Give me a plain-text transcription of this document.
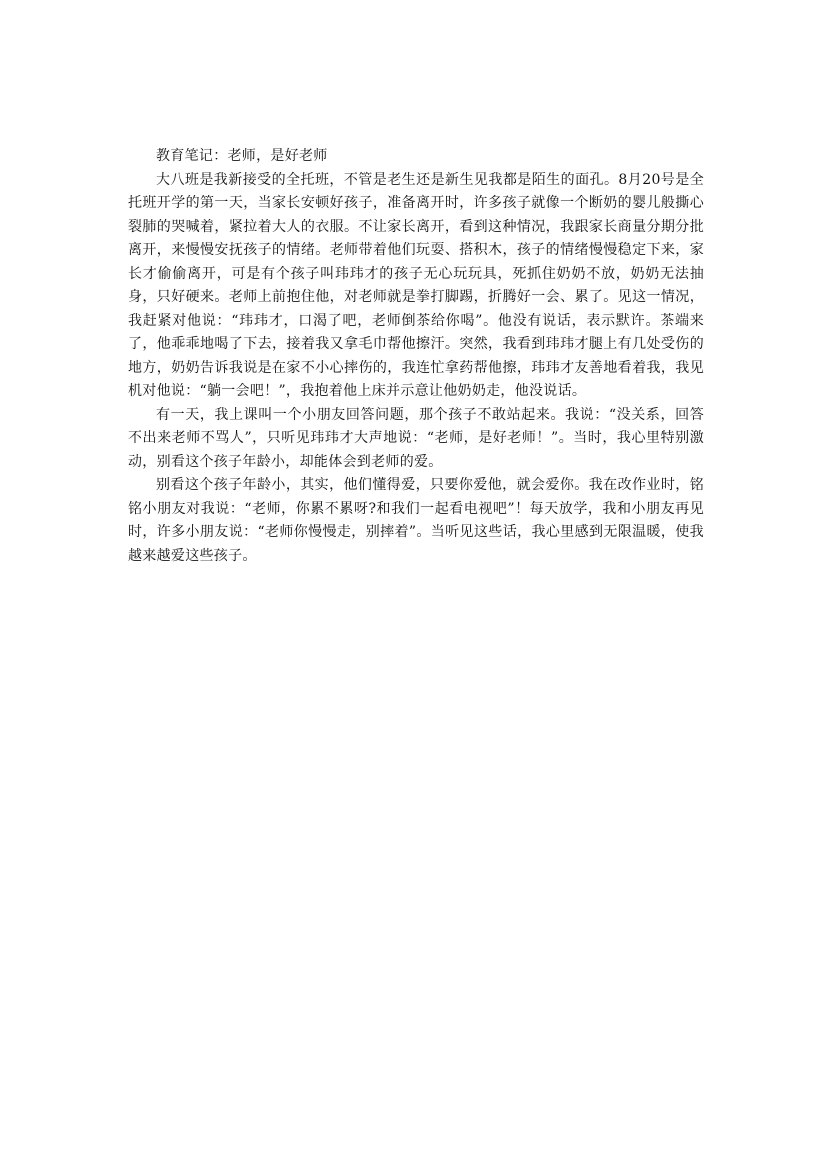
教育笔记：老师，是好老师

大八班是我新接受的全托班，不管是老生还是新生见我都是陌生的面孔。8月20号是全托班开学的第一天，当家长安顿好孩子，准备离开时，许多孩子就像一个断奶的婴儿般撕心裂肺的哭喊着，紧拉着大人的衣服。不让家长离开，看到这种情况，我跟家长商量分期分批离开，来慢慢安抚孩子的情绪。老师带着他们玩耍、搭积木，孩子的情绪慢慢稳定下来，家长才偷偷离开，可是有个孩子叫玮玮才的孩子无心玩玩具，死抓住奶奶不放，奶奶无法抽身，只好硬来。老师上前抱住他，对老师就是拳打脚踢，折腾好一会、累了。见这一情况，我赶紧对他说：“玮玮才，口渴了吧，老师倒茶给你喝”。他没有说话，表示默许。茶端来了，他乖乖地喝了下去，接着我又拿毛巾帮他擦汗。突然，我看到玮玮才腿上有几处受伤的地方，奶奶告诉我说是在家不小心摔伤的，我连忙拿药帮他擦，玮玮才友善地看着我，我见机对他说：“躺一会吧！”，我抱着他上床并示意让他奶奶走，他没说话。

有一天，我上课叫一个小朋友回答问题，那个孩子不敢站起来。我说：“没关系，回答不出来老师不骂人”，只听见玮玮才大声地说：“老师，是好老师！”。当时，我心里特别激动，别看这个孩子年龄小，却能体会到老师的爱。

别看这个孩子年龄小，其实，他们懂得爱，只要你爱他，就会爱你。我在改作业时，铭铭小朋友对我说：“老师，你累不累呀?和我们一起看电视吧”！每天放学，我和小朋友再见时，许多小朋友说：“老师你慢慢走，别摔着”。当听见这些话，我心里感到无限温暖，使我越来越爱这些孩子。
